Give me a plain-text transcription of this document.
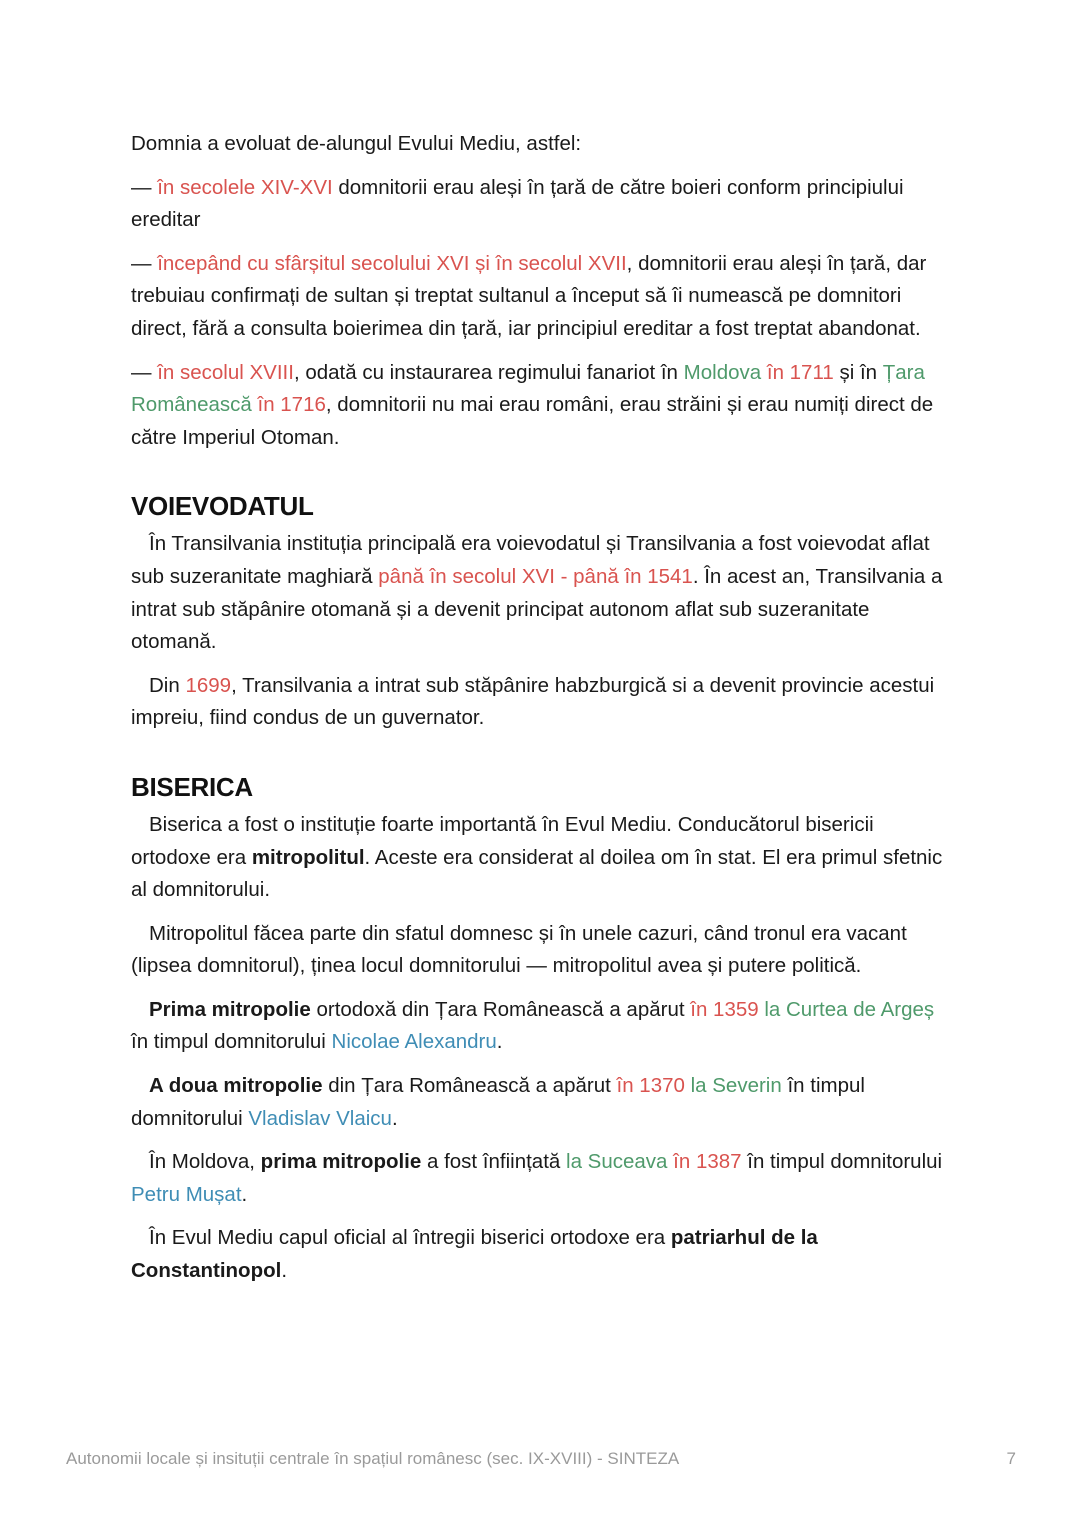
Domnia a evoluat de-alungul Evului Mediu, astfel:

— în secolele XIV-XVI domnitorii erau aleși în țară de către boieri conform principiului ereditar

— începând cu sfârșitul secolului XVI și în secolul XVII, domnitorii erau aleși în țară, dar trebuiau confirmați de sultan și treptat sultanul a început să îi numească pe domnitori direct, fără a consulta boierimea din țară, iar principiul ereditar a fost treptat abandonat.

— în secolul XVIII, odată cu instaurarea regimului fanariot în Moldova în 1711 și în Țara Românească în 1716, domnitorii nu mai erau români, erau străini și erau numiți direct de către Imperiul Otoman.

VOIEVODATUL

În Transilvania instituția principală era voievodatul și Transilvania a fost voievodat aflat sub suzeranitate maghiară până în secolul XVI - până în 1541. În acest an, Transilvania a intrat sub stăpânire otomană și a devenit principat autonom aflat sub suzeranitate otomană.

Din 1699, Transilvania a intrat sub stăpânire habzburgică si a devenit provincie acestui impreiu, fiind condus de un guvernator.

BISERICA

Biserica a fost o instituție foarte importantă în Evul Mediu. Conducătorul bisericii ortodoxe era mitropolitul. Aceste era considerat al doilea om în stat. El era primul sfetnic al domnitorului.

Mitropolitul făcea parte din sfatul domnesc și în unele cazuri, când tronul era vacant (lipsea domnitorul), ținea locul domnitorului — mitropolitul avea și putere politică.

Prima mitropolie ortodoxă din Țara Românească a apărut în 1359 la Curtea de Argeș în timpul domnitorului Nicolae Alexandru.

A doua mitropolie din Țara Românească a apărut în 1370 la Severin în timpul domnitorului Vladislav Vlaicu.

În Moldova, prima mitropolie a fost înființată la Suceava în 1387 în timpul domnitorului Petru Mușat.

În Evul Mediu capul oficial al întregii biserici ortodoxe era patriarhul de la Constantinopol.

Autonomii locale și insituții centrale în spațiul românesc (sec. IX-XVIII) - SINTEZA	7
